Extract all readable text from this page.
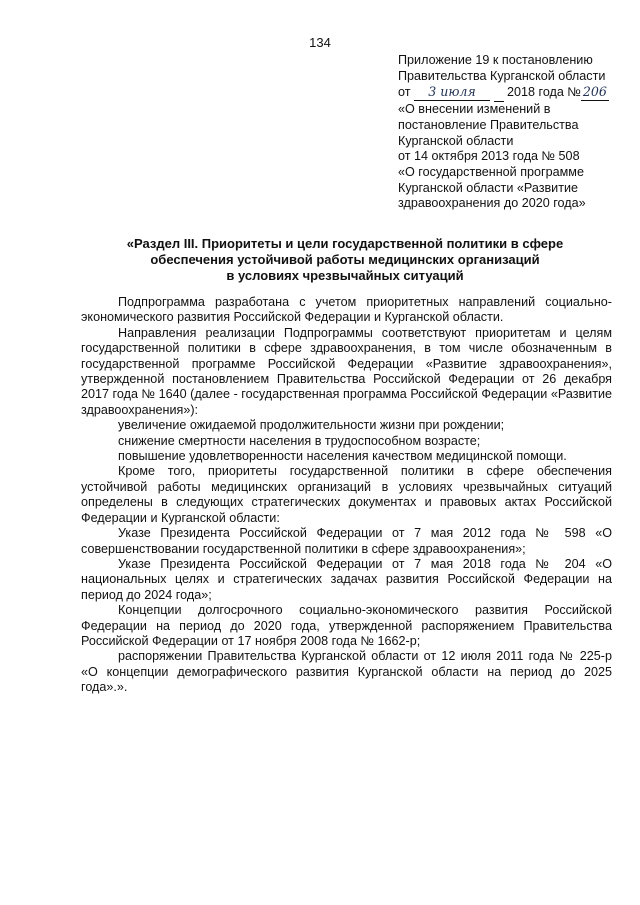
134
Приложение 19 к постановлению
Правительства Курганской области
от 3 июля 2018 года № 206
«О внесении изменений в
постановление Правительства
Курганской области
от 14 октября 2013 года № 508
«О государственной программе
Курганской области «Развитие
здравоохранения до 2020 года»
«Раздел III. Приоритеты и цели государственной политики в сфере
обеспечения устойчивой работы медицинских организаций
в условиях чрезвычайных ситуаций

Подпрограмма разработана с учетом приоритетных направлений социально-экономического развития Российской Федерации и Курганской области.

Направления реализации Подпрограммы соответствуют приоритетам и целям государственной политики в сфере здравоохранения, в том числе обозначенным в государственной программе Российской Федерации «Развитие здравоохранения», утвержденной постановлением Правительства Российской Федерации от 26 декабря 2017 года № 1640 (далее - государственная программа Российской Федерации «Развитие здравоохранения»):

увеличение ожидаемой продолжительности жизни при рождении;

снижение смертности населения в трудоспособном возрасте;

повышение удовлетворенности населения качеством медицинской помощи.

Кроме того, приоритеты государственной политики в сфере обеспечения устойчивой работы медицинских организаций в условиях чрезвычайных ситуаций определены в следующих стратегических документах и правовых актах Российской Федерации и Курганской области:

Указе Президента Российской Федерации от 7 мая 2012 года № 598 «О совершенствовании государственной политики в сфере здравоохранения»;

Указе Президента Российской Федерации от 7 мая 2018 года № 204 «О национальных целях и стратегических задачах развития Российской Федерации на период до 2024 года»;

Концепции долгосрочного социально-экономического развития Российской Федерации на период до 2020 года, утвержденной распоряжением Правительства Российской Федерации от 17 ноября 2008 года № 1662-р;

распоряжении Правительства Курганской области от 12 июля 2011 года № 225-р «О концепции демографического развития Курганской области на период до 2025 года».».
